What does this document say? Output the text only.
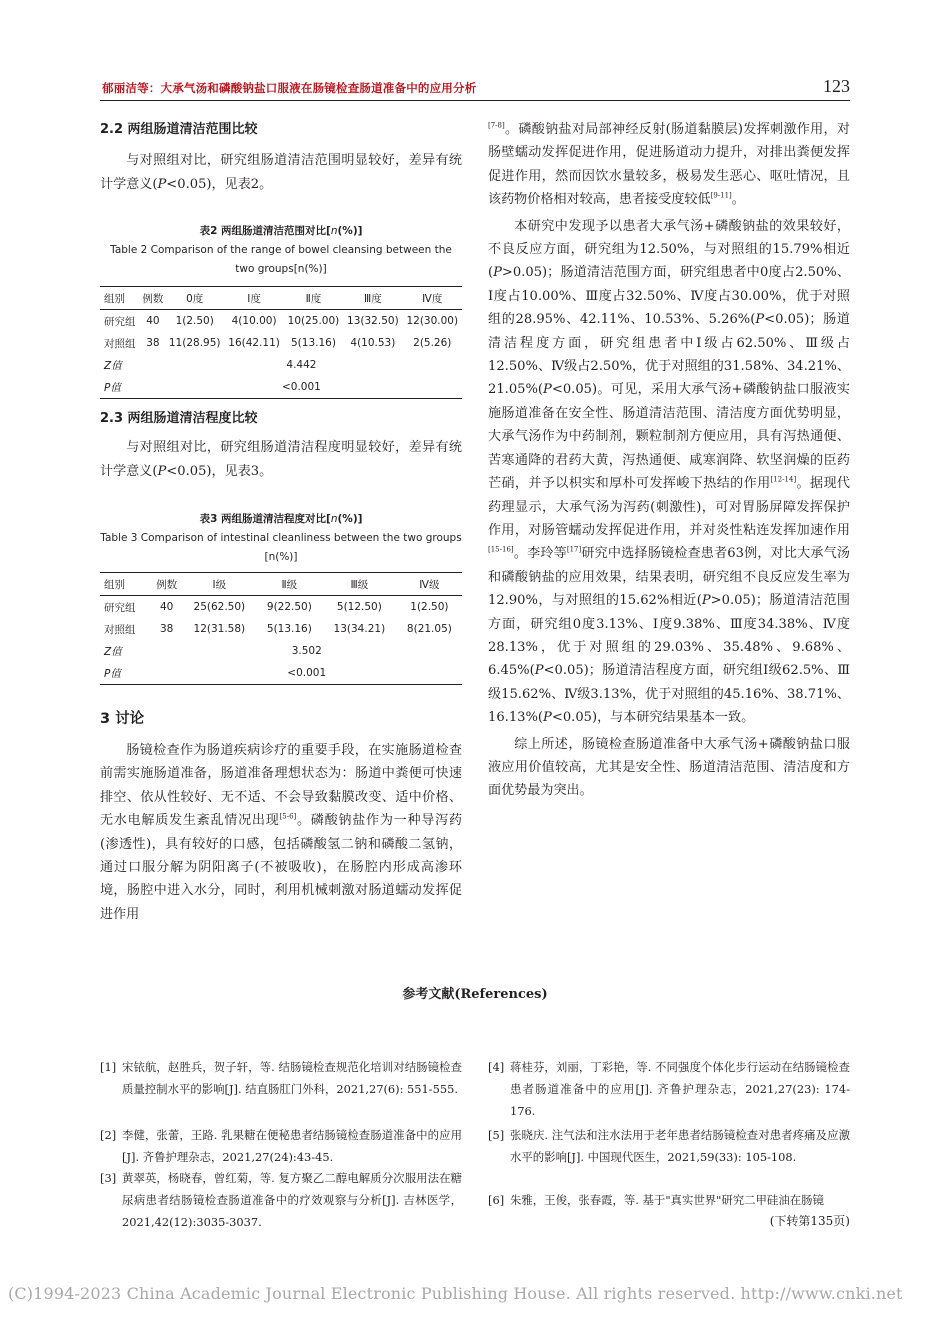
郁丽洁等：大承气汤和磷酸钠盐口服液在肠镜检查肠道准备中的应用分析	123

2.2 两组肠道清洁范围比较

与对照组对比，研究组肠道清洁范围明显较好，差异有统计学意义(P<0.05)，见表2。

表2 两组肠道清洁范围对比[n(%)]
Table 2 Comparison of the range of bowel cleansing between the
two groups[n(%)]
组别	例数	0度	Ⅰ度	Ⅱ度	Ⅲ度	Ⅳ度
研究组	40	1(2.50)	4(10.00)	10(25.00)	13(32.50)	12(30.00)
对照组	38	11(28.95)	16(42.11)	5(13.16)	4(10.53)	2(5.26)
Z值	4.442					
P值	<0.001					

2.3 两组肠道清洁程度比较

与对照组对比，研究组肠道清洁程度明显较好，差异有统计学意义(P<0.05)，见表3。

表3 两组肠道清洁程度对比[n(%)]
Table 3 Comparison of intestinal cleanliness between the two groups
[n(%)]
组别	例数	Ⅰ级	Ⅱ级	Ⅲ级	Ⅳ级
研究组	40	25(62.50)	9(22.50)	5(12.50)	1(2.50)
对照组	38	12(31.58)	5(13.16)	13(34.21)	8(21.05)
Z值	3.502				
P值	<0.001				
3 讨论

肠镜检查作为肠道疾病诊疗的重要手段，在实施肠道检查前需实施肠道准备，肠道准备理想状态为：肠道中粪便可快速排空、依从性较好、无不适、不会导致黏膜改变、适中价格、无水电解质发生紊乱情况出现[5-6]。磷酸钠盐作为一种导泻药(渗透性)，具有较好的口感，包括磷酸氢二钠和磷酸二氢钠，通过口服分解为阴阳离子(不被吸收)，在肠腔内形成高渗环境，肠腔中进入水分，同时，利用机械刺激对肠道蠕动发挥促进作用

[7-8]。磷酸钠盐对局部神经反射(肠道黏膜层)发挥刺激作用，对肠壁蠕动发挥促进作用，促进肠道动力提升，对排出粪便发挥促进作用，然而因饮水量较多，极易发生恶心、呕吐情况，且该药物价格相对较高，患者接受度较低[9-11]。

本研究中发现予以患者大承气汤+磷酸钠盐的效果较好，不良反应方面，研究组为12.50%，与对照组的15.79%相近(P>0.05)；肠道清洁范围方面，研究组患者中0度占2.50%、Ⅰ度占10.00%、Ⅲ度占32.50%、Ⅳ度占30.00%，优于对照组的28.95%、42.11%、10.53%、5.26%(P<0.05)；肠道清洁程度方面，研究组患者中Ⅰ级占62.50%、Ⅲ级占12.50%、Ⅳ级占2.50%，优于对照组的31.58%、34.21%、21.05%(P<0.05)。可见，采用大承气汤+磷酸钠盐口服液实施肠道准备在安全性、肠道清洁范围、清洁度方面优势明显，大承气汤作为中药制剂，颗粒制剂方便应用，具有泻热通便、苦寒通降的君药大黄，泻热通便、咸寒润降、软坚润燥的臣药芒硝，并予以枳实和厚朴可发挥峻下热结的作用[12-14]。据现代药理显示，大承气汤为泻药(刺激性)，可对胃肠屏障发挥保护作用，对肠管蠕动发挥促进作用，并对炎性粘连发挥加速作用[15-16]。李玲等[17]研究中选择肠镜检查患者63例，对比大承气汤和磷酸钠盐的应用效果，结果表明，研究组不良反应发生率为12.90%，与对照组的15.62%相近(P>0.05)；肠道清洁范围方面，研究组0度3.13%、Ⅰ度9.38%、Ⅲ度34.38%、Ⅳ度28.13%，优于对照组的29.03%、35.48%、9.68%、6.45%(P<0.05)；肠道清洁程度方面，研究组Ⅰ级62.5%、Ⅲ级15.62%、Ⅳ级3.13%，优于对照组的45.16%、38.71%、16.13%(P<0.05)，与本研究结果基本一致。

综上所述，肠镜检查肠道准备中大承气汤+磷酸钠盐口服液应用价值较高，尤其是安全性、肠道清洁范围、清洁度和方面优势最为突出。

参考文献(References)
[1] 宋铱航，赵胜兵，贺子轩，等. 结肠镜检查规范化培训对结肠镜检查质量控制水平的影响[J]. 结直肠肛门外科，2021,27(6): 551-555.
[2] 李健，张蕾，王路. 乳果糖在便秘患者结肠镜检查肠道准备中的应用[J]. 齐鲁护理杂志，2021,27(24):43-45.
[3] 黄翠英，杨晓春，曾红菊，等. 复方聚乙二醇电解质分次服用法在糖尿病患者结肠镜检查肠道准备中的疗效观察与分析[J]. 吉林医学，2021,42(12):3035-3037.
[4] 蒋桂芬，刘丽，丁彩艳，等. 不同强度个体化步行运动在结肠镜检查患者肠道准备中的应用[J]. 齐鲁护理杂志，2021,27(23): 174-176.
[5] 张晓庆. 注气法和注水法用于老年患者结肠镜检查对患者疼痛及应激水平的影响[J]. 中国现代医生，2021,59(33): 105-108.
[6] 朱雅，王俊，张春霞，等. 基于"真实世界"研究二甲硅油在肠镜
(下转第135页)
(C)1994-2023 China Academic Journal Electronic Publishing House. All rights reserved. http://www.cnki.net
